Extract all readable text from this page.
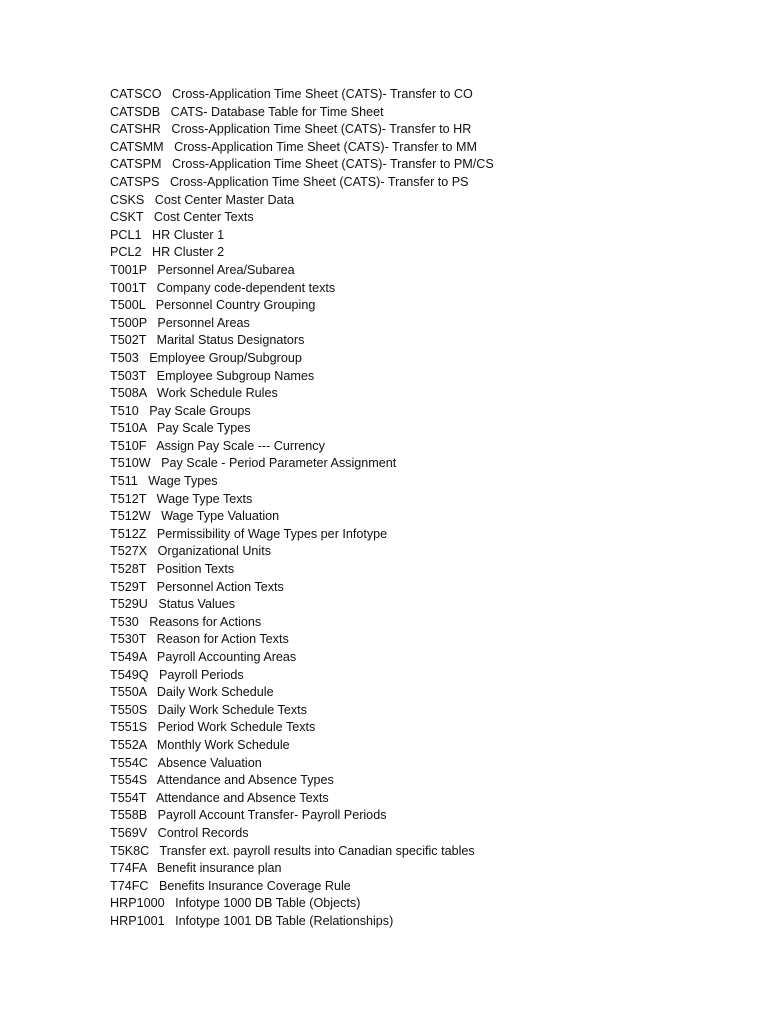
CATSCO Cross-Application Time Sheet (CATS)- Transfer to CO
CATSDB CATS- Database Table for Time Sheet
CATSHR Cross-Application Time Sheet (CATS)- Transfer to HR
CATSMM Cross-Application Time Sheet (CATS)- Transfer to MM
CATSPM Cross-Application Time Sheet (CATS)- Transfer to PM/CS
CATSPS Cross-Application Time Sheet (CATS)- Transfer to PS
CSKS Cost Center Master Data
CSKT Cost Center Texts
PCL1 HR Cluster 1
PCL2 HR Cluster 2
T001P Personnel Area/Subarea
T001T Company code-dependent texts
T500L Personnel Country Grouping
T500P Personnel Areas
T502T Marital Status Designators
T503 Employee Group/Subgroup
T503T Employee Subgroup Names
T508A Work Schedule Rules
T510 Pay Scale Groups
T510A Pay Scale Types
T510F Assign Pay Scale --- Currency
T510W Pay Scale - Period Parameter Assignment
T511 Wage Types
T512T Wage Type Texts
T512W Wage Type Valuation
T512Z Permissibility of Wage Types per Infotype
T527X Organizational Units
T528T Position Texts
T529T Personnel Action Texts
T529U Status Values
T530 Reasons for Actions
T530T Reason for Action Texts
T549A Payroll Accounting Areas
T549Q Payroll Periods
T550A Daily Work Schedule
T550S Daily Work Schedule Texts
T551S Period Work Schedule Texts
T552A Monthly Work Schedule
T554C Absence Valuation
T554S Attendance and Absence Types
T554T Attendance and Absence Texts
T558B Payroll Account Transfer- Payroll Periods
T569V Control Records
T5K8C Transfer ext. payroll results into Canadian specific tables
T74FA Benefit insurance plan
T74FC Benefits Insurance Coverage Rule
HRP1000 Infotype 1000 DB Table (Objects)
HRP1001 Infotype 1001 DB Table (Relationships)
